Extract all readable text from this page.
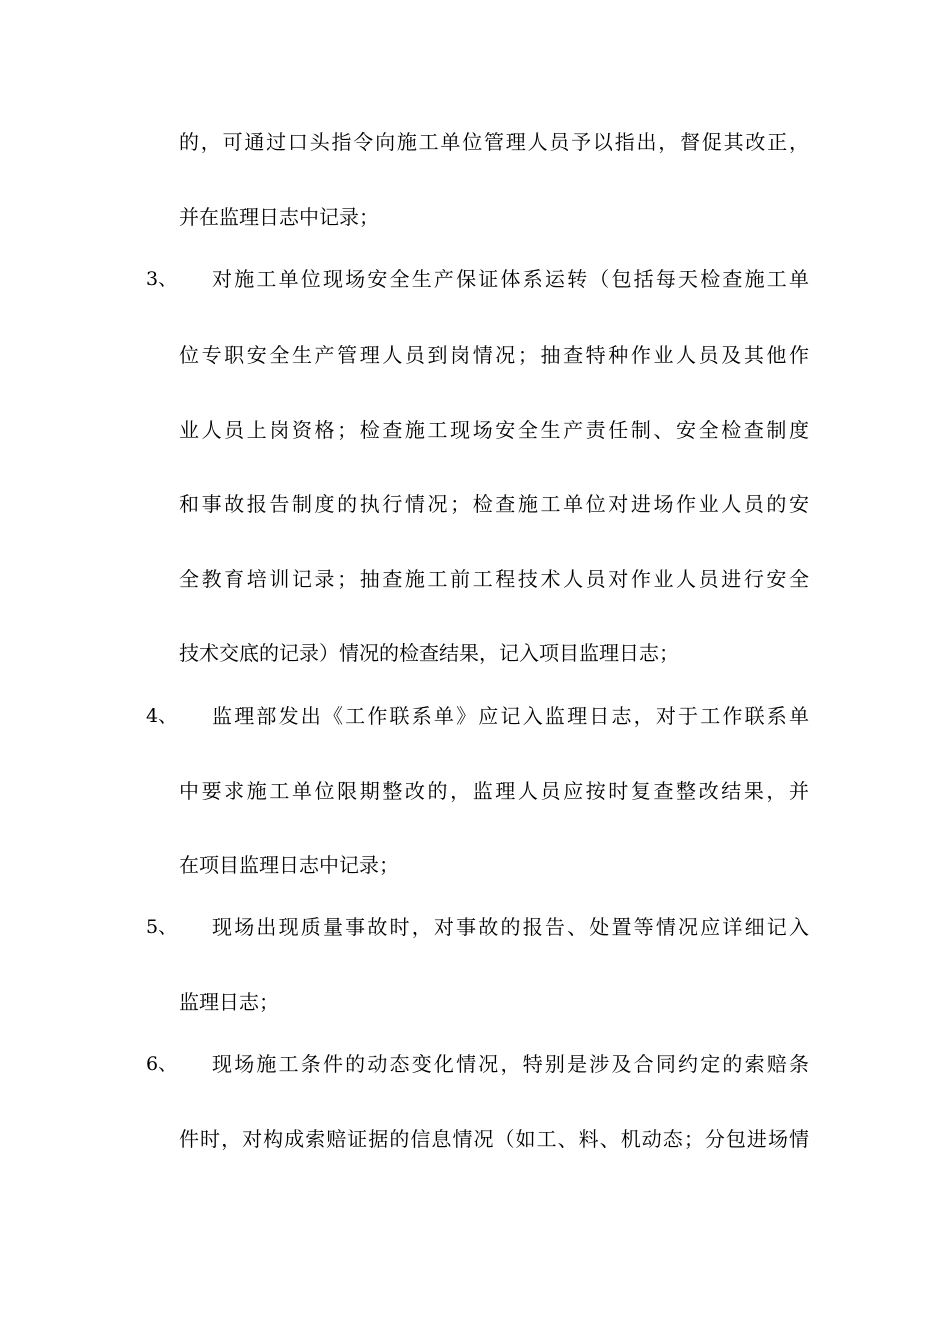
的，可通过口头指令向施工单位管理人员予以指出，督促其改正，
并在监理日志中记录；
3、 对施工单位现场安全生产保证体系运转（包括每天检查施工单
位专职安全生产管理人员到岗情况；抽查特种作业人员及其他作
业人员上岗资格；检查施工现场安全生产责任制、安全检查制度
和事故报告制度的执行情况；检查施工单位对进场作业人员的安
全教育培训记录；抽查施工前工程技术人员对作业人员进行安全
技术交底的记录）情况的检查结果，记入项目监理日志；
4、 监理部发出《工作联系单》应记入监理日志，对于工作联系单
中要求施工单位限期整改的，监理人员应按时复查整改结果，并
在项目监理日志中记录；
5、 现场出现质量事故时，对事故的报告、处置等情况应详细记入
监理日志；
6、 现场施工条件的动态变化情况，特别是涉及合同约定的索赔条
件时，对构成索赔证据的信息情况（如工、料、机动态；分包进场情
